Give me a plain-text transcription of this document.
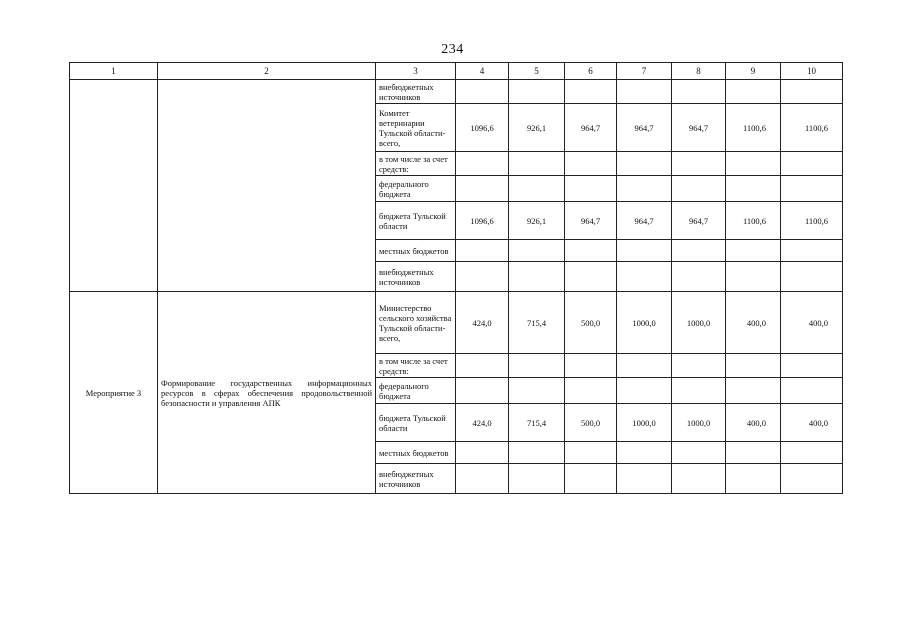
234
1	2	3	4	5	6	7	8	9	10
		внебюджетных источников							
		Комитет ветеринарии Тульской области- всего,	1096,6	926,1	964,7	964,7	964,7	1100,6	1100,6
		в том числе за счет средств:							
		федерального бюджета							
		бюджета Тульской области	1096,6	926,1	964,7	964,7	964,7	1100,6	1100,6
		местных бюджетов							
		внебюджетных источников							
Мероприятие 3	Формирование государственных информационных ресурсов в сферах обеспечения продовольственной безопасности и управления АПК	Министерство сельского хозяйства Тульской области- всего,	424,0	715,4	500,0	1000,0	1000,0	400,0	400,0
		в том числе за счет средств:							
		федерального бюджета							
		бюджета Тульской области	424,0	715,4	500,0	1000,0	1000,0	400,0	400,0
		местных бюджетов							
		внебюджетных источников							
